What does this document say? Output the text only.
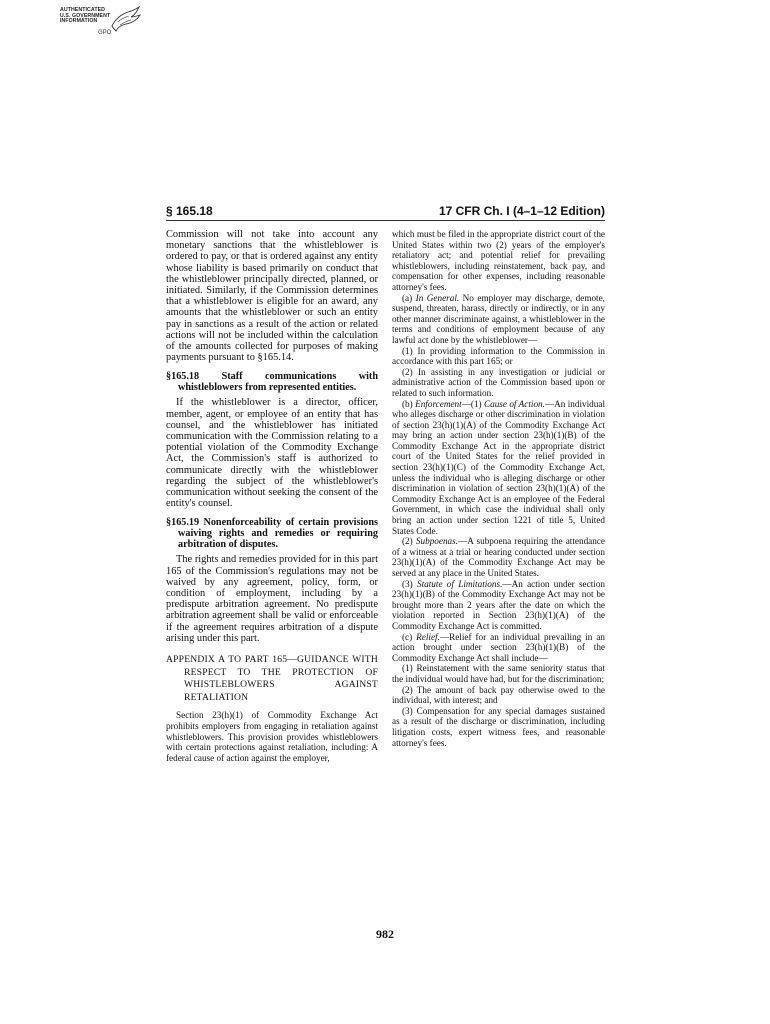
AUTHENTICATED
U.S. GOVERNMENT
INFORMATION
GPO
§ 165.18	17 CFR Ch. I (4–1–12 Edition)

Commission will not take into account any monetary sanctions that the whistleblower is ordered to pay, or that is ordered against any entity whose liability is based primarily on conduct that the whistleblower principally directed, planned, or initiated. Similarly, if the Commission determines that a whistleblower is eligible for an award, any amounts that the whistleblower or such an entity pay in sanctions as a result of the action or related actions will not be included within the calculation of the amounts collected for purposes of making payments pursuant to §165.14.

§165.18 Staff communications with whistleblowers from represented entities.

If the whistleblower is a director, officer, member, agent, or employee of an entity that has counsel, and the whistleblower has initiated communication with the Commission relating to a potential violation of the Commodity Exchange Act, the Commission's staff is authorized to communicate directly with the whistleblower regarding the subject of the whistleblower's communication without seeking the consent of the entity's counsel.

§165.19 Nonenforceability of certain provisions waiving rights and remedies or requiring arbitration of disputes.

The rights and remedies provided for in this part 165 of the Commission's regulations may not be waived by any agreement, policy, form, or condition of employment, including by a predispute arbitration agreement. No predispute arbitration agreement shall be valid or enforceable if the agreement requires arbitration of a dispute arising under this part.

APPENDIX A TO PART 165—GUIDANCE WITH RESPECT TO THE PROTECTION OF WHISTLEBLOWERS AGAINST RETALIATION

Section 23(h)(1) of Commodity Exchange Act prohibits employers from engaging in retaliation against whistleblowers. This provision provides whistleblowers with certain protections against retaliation, including: A federal cause of action against the employer,

which must be filed in the appropriate district court of the United States within two (2) years of the employer's retaliatory act; and potential relief for prevailing whistleblowers, including reinstatement, back pay, and compensation for other expenses, including reasonable attorney's fees.

(a) In General. No employer may discharge, demote, suspend, threaten, harass, directly or indirectly, or in any other manner discriminate against, a whistleblower in the terms and conditions of employment because of any lawful act done by the whistleblower—

(1) In providing information to the Commission in accordance with this part 165; or

(2) In assisting in any investigation or judicial or administrative action of the Commission based upon or related to such information.

(b) Enforcement—(1) Cause of Action.—An individual who alleges discharge or other discrimination in violation of section 23(h)(1)(A) of the Commodity Exchange Act may bring an action under section 23(h)(1)(B) of the Commodity Exchange Act in the appropriate district court of the United States for the relief provided in section 23(h)(1)(C) of the Commodity Exchange Act, unless the individual who is alleging discharge or other discrimination in violation of section 23(h)(1)(A) of the Commodity Exchange Act is an employee of the Federal Government, in which case the individual shall only bring an action under section 1221 of title 5, United States Code.

(2) Subpoenas.—A subpoena requiring the attendance of a witness at a trial or hearing conducted under section 23(h)(1)(A) of the Commodity Exchange Act may be served at any place in the United States.

(3) Statute of Limitations.—An action under section 23(h)(1)(B) of the Commodity Exchange Act may not be brought more than 2 years after the date on which the violation reported in Section 23(h)(1)(A) of the Commodity Exchange Act is committed.

(c) Relief.—Relief for an individual prevailing in an action brought under section 23(h)(1)(B) of the Commodity Exchange Act shall include—

(1) Reinstatement with the same seniority status that the individual would have had, but for the discrimination;

(2) The amount of back pay otherwise owed to the individual, with interest; and

(3) Compensation for any special damages sustained as a result of the discharge or discrimination, including litigation costs, expert witness fees, and reasonable attorney's fees.

982
